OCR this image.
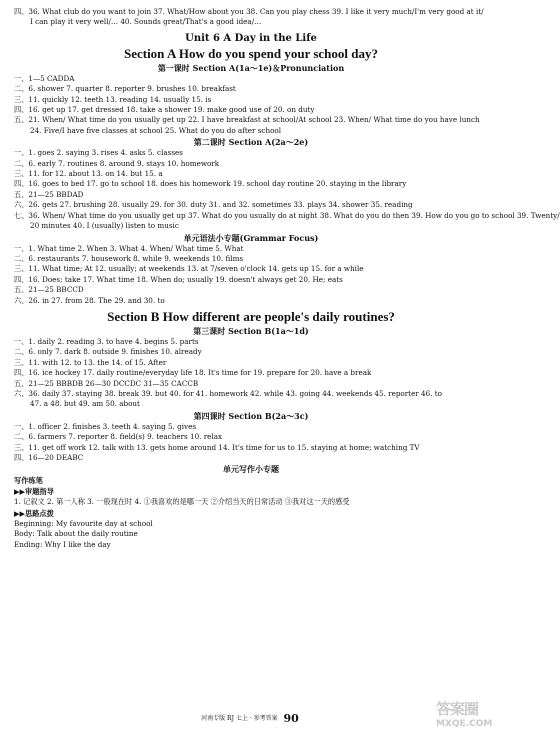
四、36. What club do you want to join 37. What/How about you 38. Can you play chess 39. I like it very much/I'm very good at it/
I can play it very well/… 40. Sounds great/That's a good idea/…
Unit 6 A Day in the Life
Section A How do you spend your school day?
第一课时 Section A(1a～1e)＆Pronunciation
一、1—5 CADDA
二、6. shower 7. quarter 8. reporter 9. brushes 10. breakfast
三、11. quickly 12. teeth 13. reading 14. usually 15. is
四、16. get up 17. get dressed 18. take a shower 19. make good use of 20. on duty
五、21. When/ What time do you usually get up 22. I have breakfast at school/At school 23. When/ What time do you have lunch
24. Five/I have five classes at school 25. What do you do after school
第二课时 Section A(2a～2e)
一、1. goes 2. saying 3. rises 4. asks 5. classes
二、6. early 7. routines 8. around 9. stays 10. homework
三、11. for 12. about 13. on 14. but 15. a
四、16. goes to bed 17. go to school 18. does his homework 19. school day routine 20. staying in the library
五、21—25 BBDAD
六、26. gets 27. brushing 28. usually 29. for 30. duty 31. and 32. sometimes 33. plays 34. shower 35. reading
七、36. When/ What time do you usually get up 37. What do you usually do at night 38. What do you do then 39. How do you go to school 39. Twenty/
20 minutes 40. I (usually) listen to music
单元语法小专题(Grammar Focus)
一、1. What time 2. When 3. What 4. When/ What time 5. What
二、6. restaurants 7. housework 8. while 9. weekends 10. films
三、11. What time; At 12. usually; at weekends 13. at 7/seven o'clock 14. gets up 15. for a while
四、16. Does; take 17. What time 18. When do; usually 19. doesn't always get 20. He; eats
五、21—25 BBCCD
六、26. in 27. from 28. The 29. and 30. to
Section B How different are people's daily routines?
第三课时 Section B(1a～1d)
一、1. daily 2. reading 3. to have 4. begins 5. parts
二、6. only 7. dark 8. outside 9. finishes 10. already
三、11. with 12. to 13. the 14. of 15. After
四、16. ice hockey 17. daily routine/everyday life 18. It's time for 19. prepare for 20. have a break
五、21—25 BBBDB 26—30 DCCDC 31—35 CACCB
六、36. daily 37. staying 38. break 39. but 40. for 41. homework 42. while 43. going 44. weekends 45. reporter 46. to
47. a 48. but 49. am 50. about
第四课时 Section B(2a～3c)
一、1. officer 2. finishes 3. teeth 4. saying 5. gives
二、6. farmers 7. reporter 8. field(s) 9. teachers 10. relax
三、11. get off work 12. talk with 13. gets home around 14. It's time for us to 15. staying at home; watching TV
四、16—20 DEABC
单元写作小专题
写作练笔
▶▶审题指导
1. 记叙文 2. 第一人称 3. 一般现在时 4. ①我喜欢的是哪一天 ②介绍当天的日常活动 ③我对这一天的感受
▶▶思路点拨
Beginning: My favourite day at school
Body: Talk about the daily routine
Ending: Why I like the day
河南专版 RJ 七上 · 参考答案 90
答案圈
MXQE.COM
